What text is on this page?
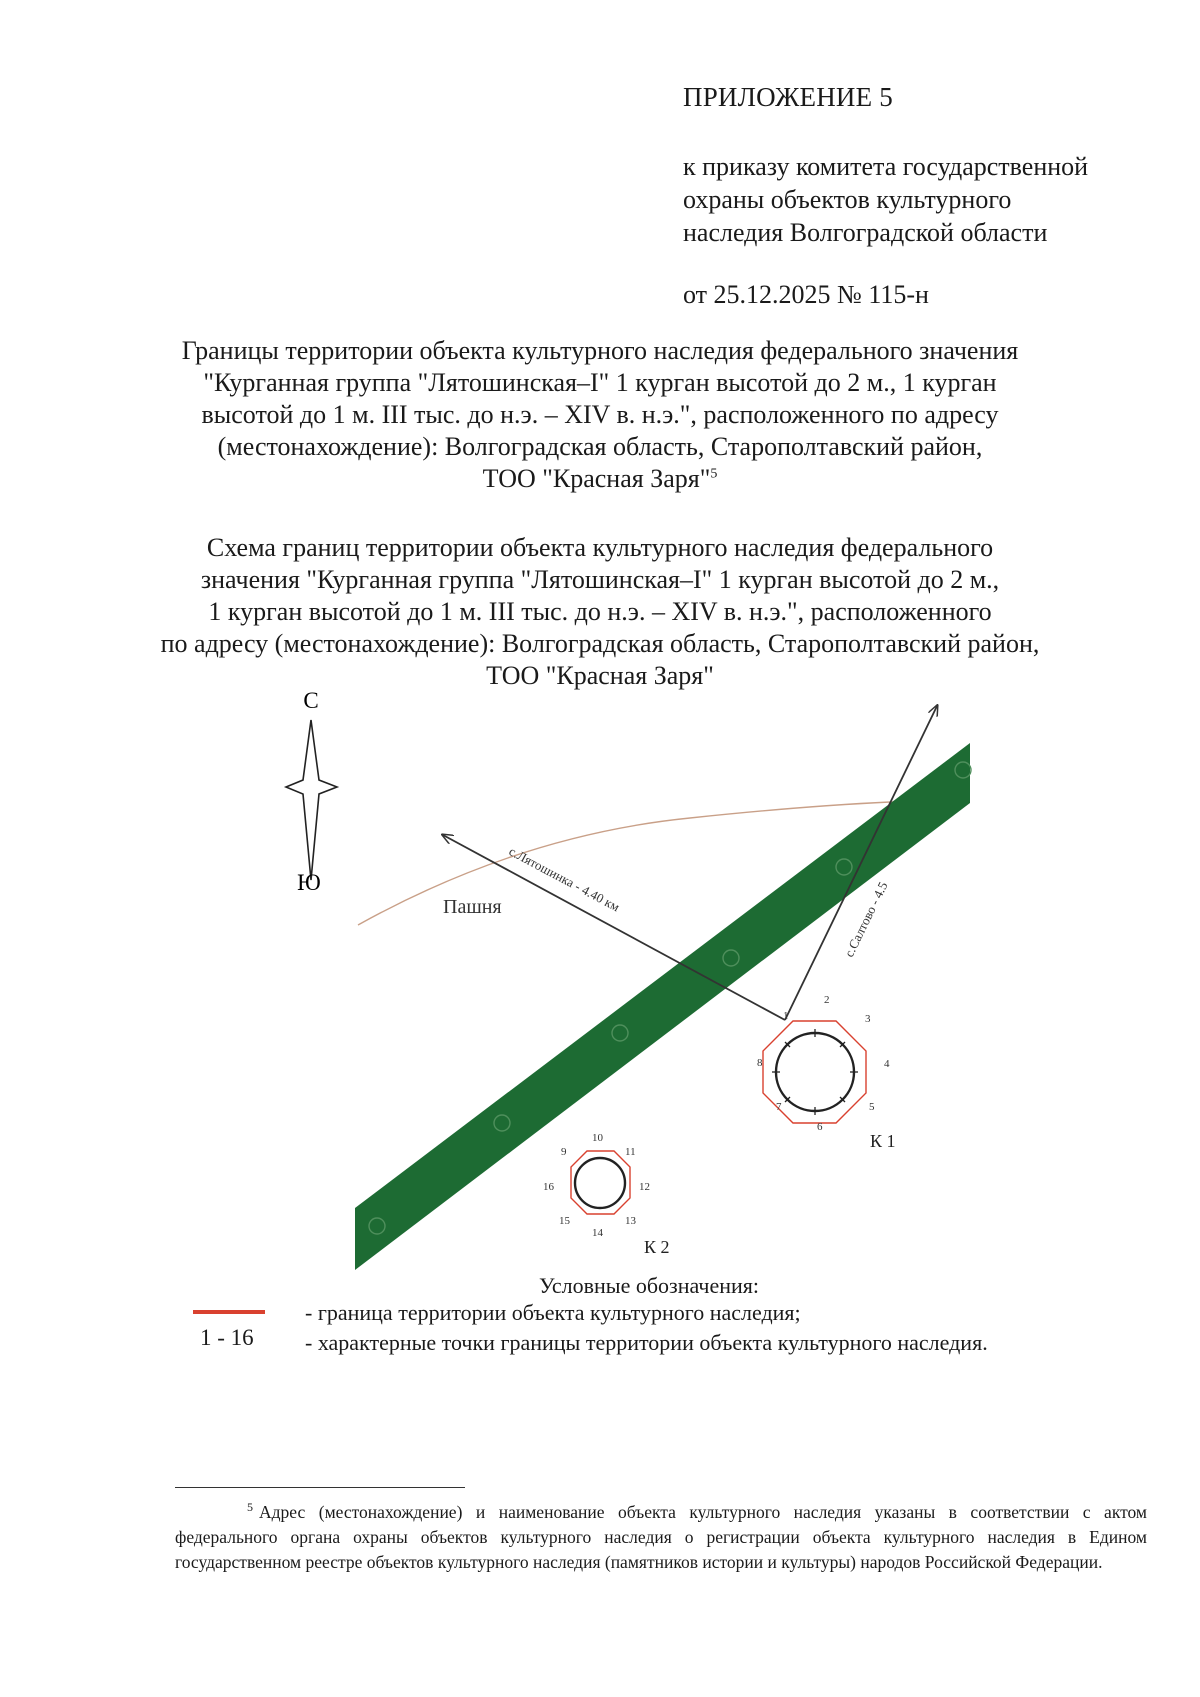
ПРИЛОЖЕНИЕ 5
к приказу комитета государственной
охраны объектов культурного
наследия Волгоградской области
от 25.12.2025 № 115-н
Границы территории объекта культурного наследия федерального значения
"Курганная группа "Лятошинская–I" 1 курган высотой до 2 м., 1 курган
высотой до 1 м. III тыс. до н.э. – XIV в. н.э.", расположенного по адресу
(местонахождение): Волгоградская область, Старополтавский район,
ТОО "Красная Заря"$^5$
Схема границ территории объекта культурного наследия федерального
значения "Курганная группа "Лятошинская–I" 1 курган высотой до 2 м.,
1 курган высотой до 1 м. III тыс. до н.э. – XIV в. н.э.", расположенного
по адресу (местонахождение): Волгоградская область, Старополтавский район,
ТОО "Красная Заря"
С
Ю
Пашня с.Лятошинка - 4.40 км
с.Салтово - 4.5
1
2
3
4
5
6
7
8
К 1
9
10
11
12
13
14
15
16
К 2
Условные обозначения:
- граница территории объекта культурного наследия;
1 - 16 - характерные точки границы территории объекта культурного наследия.
$^5$ Адрес (местонахождение) и наименование объекта культурного наследия указаны в соответствии с актом федерального органа охраны объектов культурного наследия о регистрации объекта культурного наследия в Едином государственном реестре объектов культурного наследия (памятников истории и культуры) народов Российской Федерации.
